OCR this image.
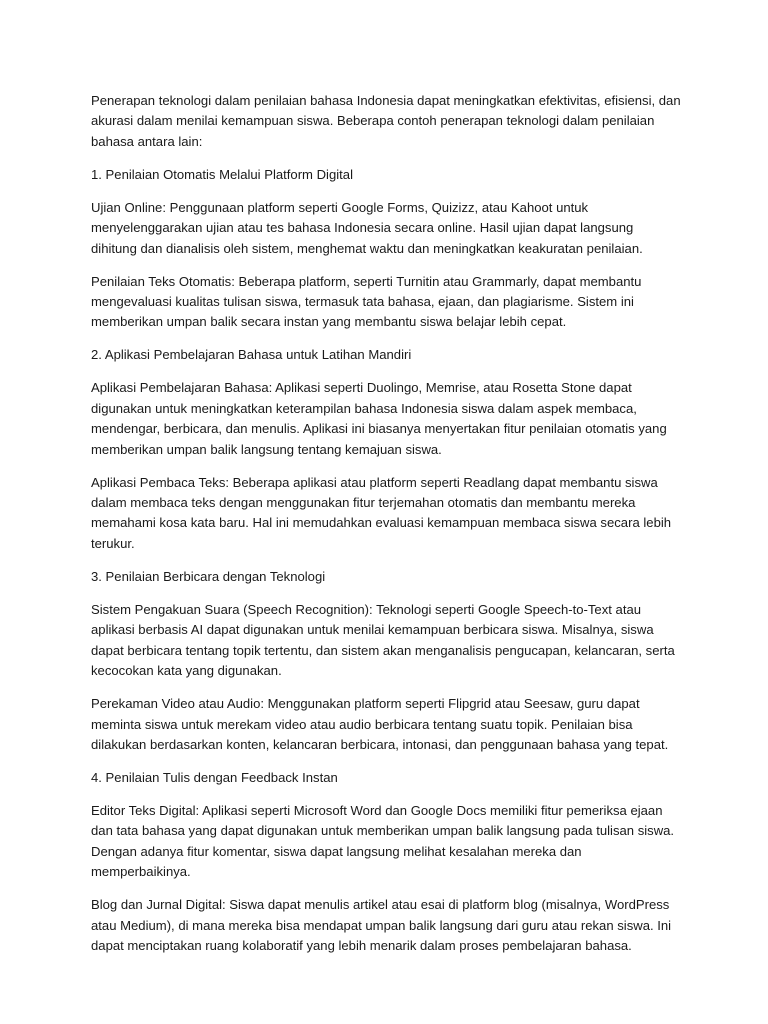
Penerapan teknologi dalam penilaian bahasa Indonesia dapat meningkatkan efektivitas, efisiensi, dan akurasi dalam menilai kemampuan siswa. Beberapa contoh penerapan teknologi dalam penilaian bahasa antara lain:

1. Penilaian Otomatis Melalui Platform Digital

Ujian Online: Penggunaan platform seperti Google Forms, Quizizz, atau Kahoot untuk menyelenggarakan ujian atau tes bahasa Indonesia secara online. Hasil ujian dapat langsung dihitung dan dianalisis oleh sistem, menghemat waktu dan meningkatkan keakuratan penilaian.

Penilaian Teks Otomatis: Beberapa platform, seperti Turnitin atau Grammarly, dapat membantu mengevaluasi kualitas tulisan siswa, termasuk tata bahasa, ejaan, dan plagiarisme. Sistem ini memberikan umpan balik secara instan yang membantu siswa belajar lebih cepat.

2. Aplikasi Pembelajaran Bahasa untuk Latihan Mandiri

Aplikasi Pembelajaran Bahasa: Aplikasi seperti Duolingo, Memrise, atau Rosetta Stone dapat digunakan untuk meningkatkan keterampilan bahasa Indonesia siswa dalam aspek membaca, mendengar, berbicara, dan menulis. Aplikasi ini biasanya menyertakan fitur penilaian otomatis yang memberikan umpan balik langsung tentang kemajuan siswa.

Aplikasi Pembaca Teks: Beberapa aplikasi atau platform seperti Readlang dapat membantu siswa dalam membaca teks dengan menggunakan fitur terjemahan otomatis dan membantu mereka memahami kosa kata baru. Hal ini memudahkan evaluasi kemampuan membaca siswa secara lebih terukur.

3. Penilaian Berbicara dengan Teknologi

Sistem Pengakuan Suara (Speech Recognition): Teknologi seperti Google Speech-to-Text atau aplikasi berbasis AI dapat digunakan untuk menilai kemampuan berbicara siswa. Misalnya, siswa dapat berbicara tentang topik tertentu, dan sistem akan menganalisis pengucapan, kelancaran, serta kecocokan kata yang digunakan.

Perekaman Video atau Audio: Menggunakan platform seperti Flipgrid atau Seesaw, guru dapat meminta siswa untuk merekam video atau audio berbicara tentang suatu topik. Penilaian bisa dilakukan berdasarkan konten, kelancaran berbicara, intonasi, dan penggunaan bahasa yang tepat.

4. Penilaian Tulis dengan Feedback Instan

Editor Teks Digital: Aplikasi seperti Microsoft Word dan Google Docs memiliki fitur pemeriksa ejaan dan tata bahasa yang dapat digunakan untuk memberikan umpan balik langsung pada tulisan siswa. Dengan adanya fitur komentar, siswa dapat langsung melihat kesalahan mereka dan memperbaikinya.

Blog dan Jurnal Digital: Siswa dapat menulis artikel atau esai di platform blog (misalnya, WordPress atau Medium), di mana mereka bisa mendapat umpan balik langsung dari guru atau rekan siswa. Ini dapat menciptakan ruang kolaboratif yang lebih menarik dalam proses pembelajaran bahasa.
